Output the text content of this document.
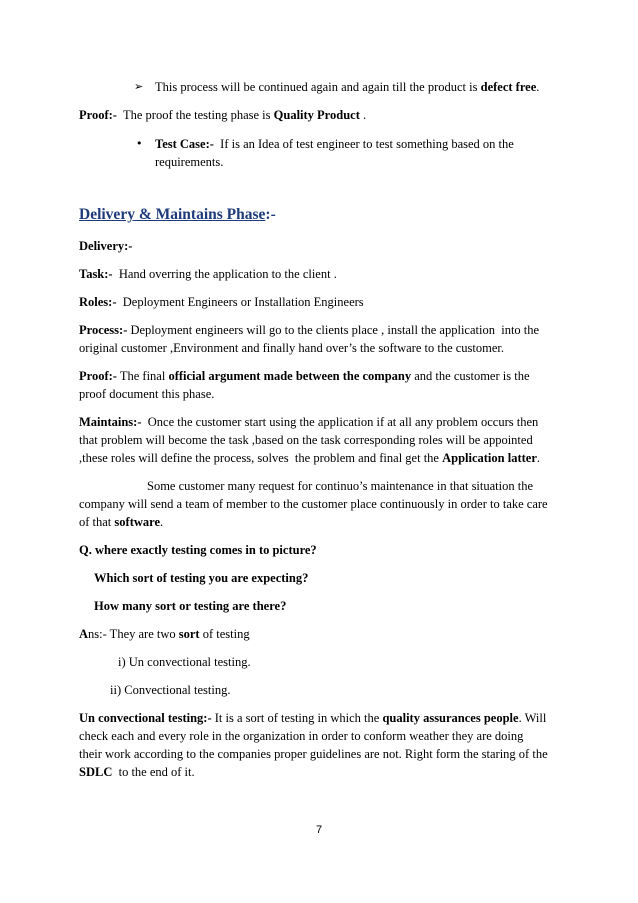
➢ This process will be continued again and again till the product is defect free.
Proof:-  The proof the testing phase is Quality Product .
• Test Case:-  If is an Idea of test engineer to test something based on the
requirements.
Delivery & Maintains Phase:-
Delivery:-
Task:-  Hand overring the application to the client .
Roles:-  Deployment Engineers or Installation Engineers
Process:- Deployment engineers will go to the clients place , install the application  into the
original customer ,Environment and finally hand over’s the software to the customer.
Proof:- The final official argument made between the company and the customer is the
proof document this phase.
Maintains:-  Once the customer start using the application if at all any problem occurs then
that problem will become the task ,based on the task corresponding roles will be appointed
,these roles will define the process, solves  the problem and final get the Application latter.
Some customer many request for continuo’s maintenance in that situation the
company will send a team of member to the customer place continuously in order to take care
of that software.
Q. where exactly testing comes in to picture?
Which sort of testing you are expecting?
How many sort or testing are there?
Ans:- They are two sort of testing
i) Un convectional testing.
ii) Convectional testing.
Un convectional testing:- It is a sort of testing in which the quality assurances people. Will
check each and every role in the organization in order to conform weather they are doing
their work according to the companies proper guidelines are not. Right form the staring of the
SDLC  to the end of it.
7
